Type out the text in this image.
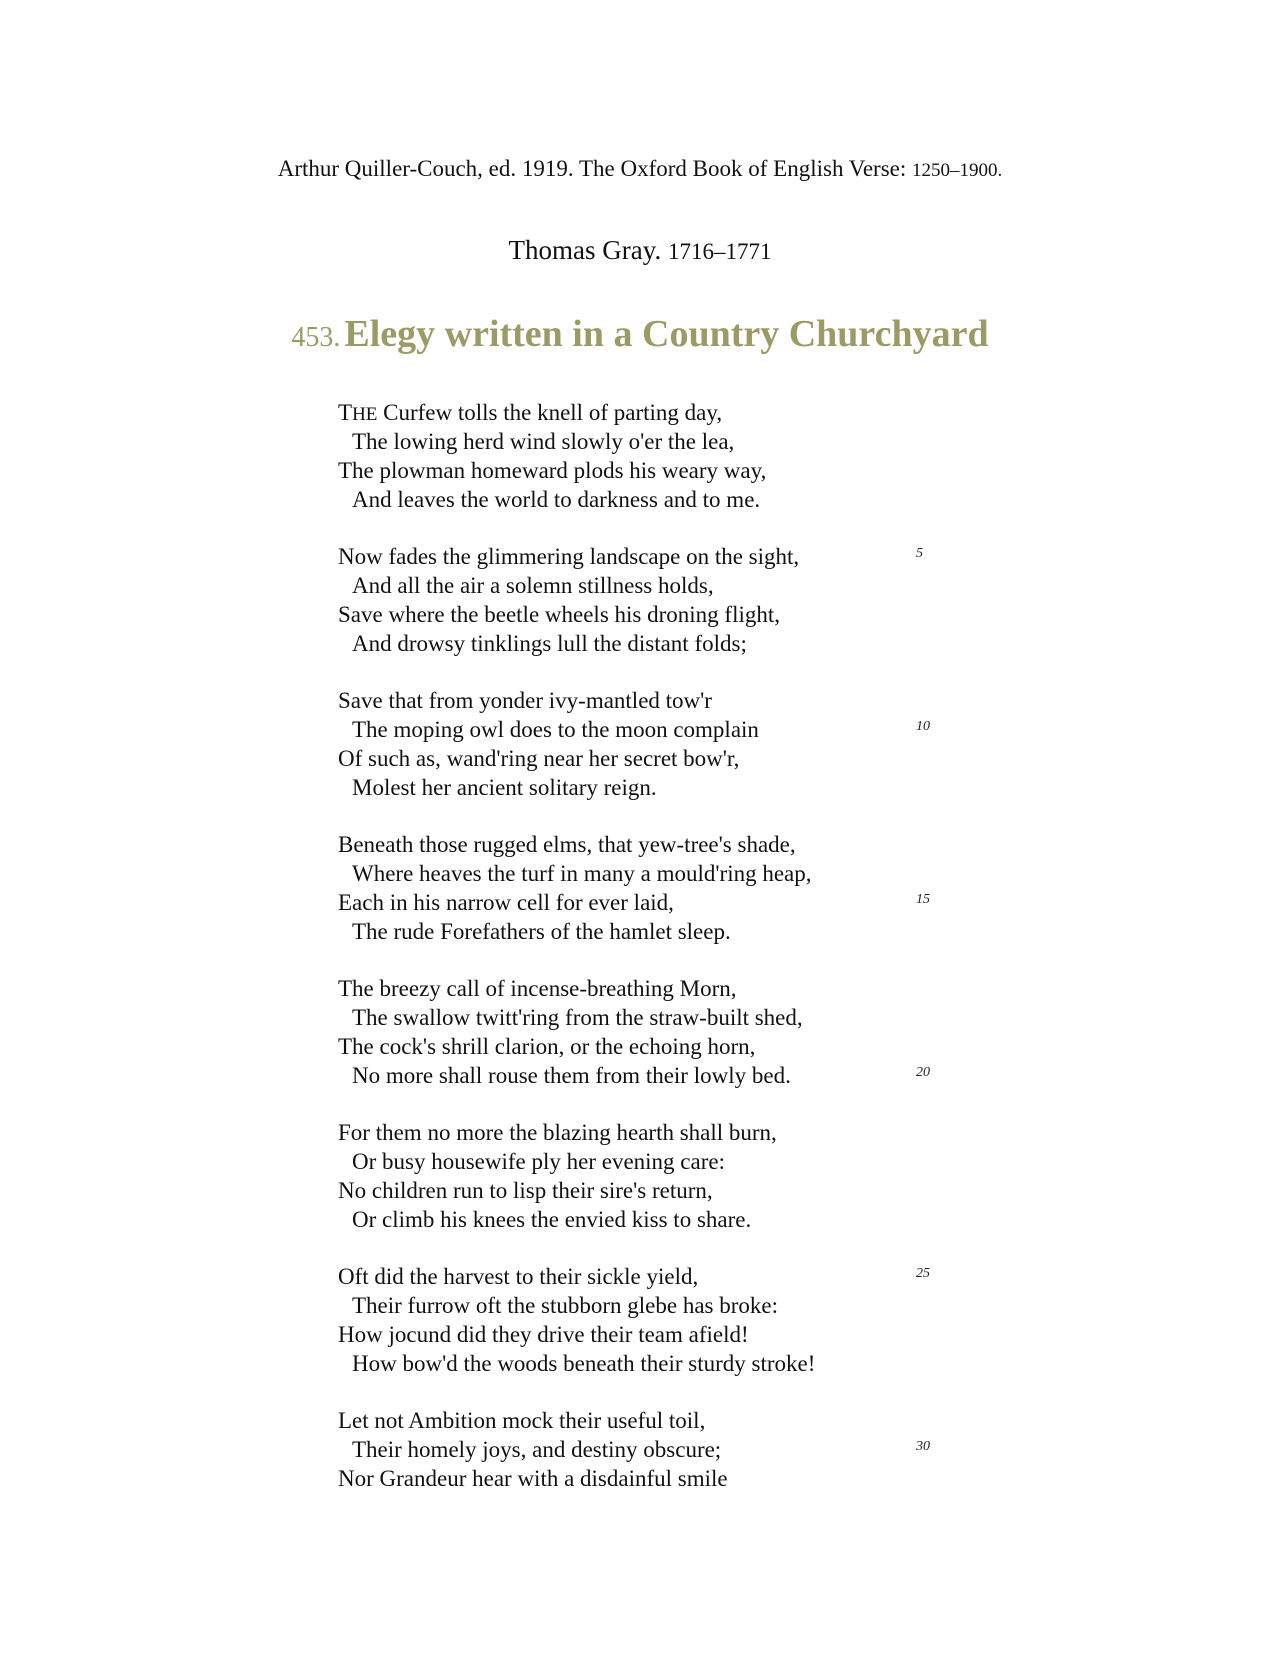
Arthur Quiller-Couch, ed. 1919. The Oxford Book of English Verse: 1250–1900.
Thomas Gray. 1716–1771
453. Elegy written in a Country Churchyard
THE Curfew tolls the knell of parting day,
The lowing herd wind slowly o'er the lea,
The plowman homeward plods his weary way,
And leaves the world to darkness and to me.
Now fades the glimmering landscape on the sight,
And all the air a solemn stillness holds,
Save where the beetle wheels his droning flight,
And drowsy tinklings lull the distant folds;
5
Save that from yonder ivy-mantled tow'r
The moping owl does to the moon complain
Of such as, wand'ring near her secret bow'r,
Molest her ancient solitary reign.
10
Beneath those rugged elms, that yew-tree's shade,
Where heaves the turf in many a mould'ring heap,
Each in his narrow cell for ever laid,
The rude Forefathers of the hamlet sleep.
15
The breezy call of incense-breathing Morn,
The swallow twitt'ring from the straw-built shed,
The cock's shrill clarion, or the echoing horn,
No more shall rouse them from their lowly bed.	20
For them no more the blazing hearth shall burn,
Or busy housewife ply her evening care:
No children run to lisp their sire's return,
Or climb his knees the envied kiss to share.
Oft did the harvest to their sickle yield,
Their furrow oft the stubborn glebe has broke:
How jocund did they drive their team afield!
How bow'd the woods beneath their sturdy stroke!
25
Let not Ambition mock their useful toil,
Their homely joys, and destiny obscure;
Nor Grandeur hear with a disdainful smile
30
